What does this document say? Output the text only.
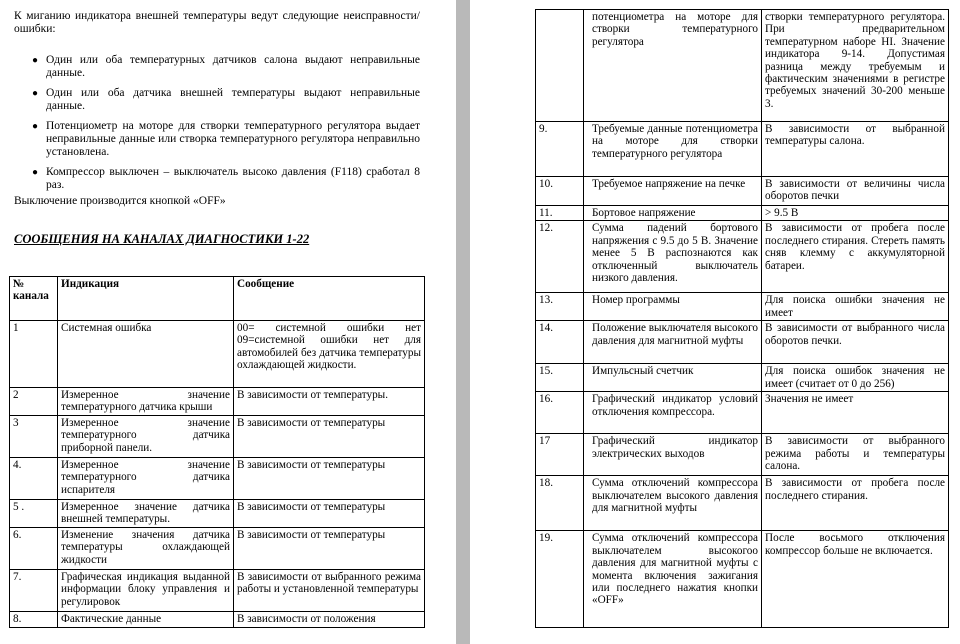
К миганию индикатора внешней температуры ведут следующие неисправности/ошибки:

● Один или оба температурных датчиков салона выдают неправильные данные.
● Один или оба датчика внешней температуры выдают неправильные данные.
● Потенциометр на моторе для створки температурного регулятора выдает неправильные данные или створка температурного регулятора неправильно установлена.
● Компрессор выключен – выключатель высоко давления (F118) сработал 8 раз.

Выключение производится кнопкой «OFF»

СООБЩЕНИЯ НА КАНАЛАХ ДИАГНОСТИКИ 1-22

№ канала	Индикация	Сообщение
1	Системная ошибка	00= системной ошибки нет 09=системной ошибки нет для автомобилей без датчика температуры охлаждающей жидкости.
2	Измеренное значение температурного датчика крыши	В зависимости от температуры.
3	Измеренное значение температурного датчика приборной панели.	В зависимости от температуры
4.	Измеренное значение температурного датчика испарителя	В зависимости от температуры
5 .	Измеренное значение датчика внешней температуры.	В зависимости от температуры
6.	Изменение значения датчика температуры охлаждающей жидкости	В зависимости от температуры
7.	Графическая индикация выданной информации блоку управления и регулировок	В зависимости от выбранного режима работы и установленной температуры
8.	Фактические данные	В зависимости от положения
	потенциометра на моторе для створки температурного регулятора	створки температурного регулятора. При предварительном температурном наборе HI. Значение индикатора 9-14. Допустимая разница между требуемым и фактическим значениями в регистре требуемых значений 30-200 меньше 3.
9.	Требуемые данные потенциометра на моторе для створки температурного регулятора	В зависимости от выбранной температуры салона.
10.	Требуемое напряжение на печке	В зависимости от величины числа оборотов печки
11.	Бортовое напряжение	> 9.5 В
12.	Сумма падений бортового напряжения с 9.5 до 5 В. Значение менее 5 В распознаются как отключенный выключатель низкого давления.	В зависимости от пробега после последнего стирания. Стереть память сняв клемму с аккумуляторной батареи.
13.	Номер программы	Для поиска ошибки значения не имеет
14.	Положение выключателя высокого давления для магнитной муфты	В зависимости от выбранного числа оборотов печки.
15.	Импульсный счетчик	Для поиска ошибок значения не имеет (считает от 0 до 256)
16.	Графический индикатор условий отключения компрессора.	Значения не имеет
17	Графический индикатор электрических выходов	В зависимости от выбранного режима работы и температуры салона.
18.	Сумма отключений компрессора выключателем высокого давления для магнитной муфты	В зависимости от пробега после последнего стирания.
19.	Сумма отключений компрессора выключателем высокогоо давления для магнитной муфты с момента включения зажигания или последнего нажатия кнопки «OFF»	После восьмого отключения компрессор больше не включается.
